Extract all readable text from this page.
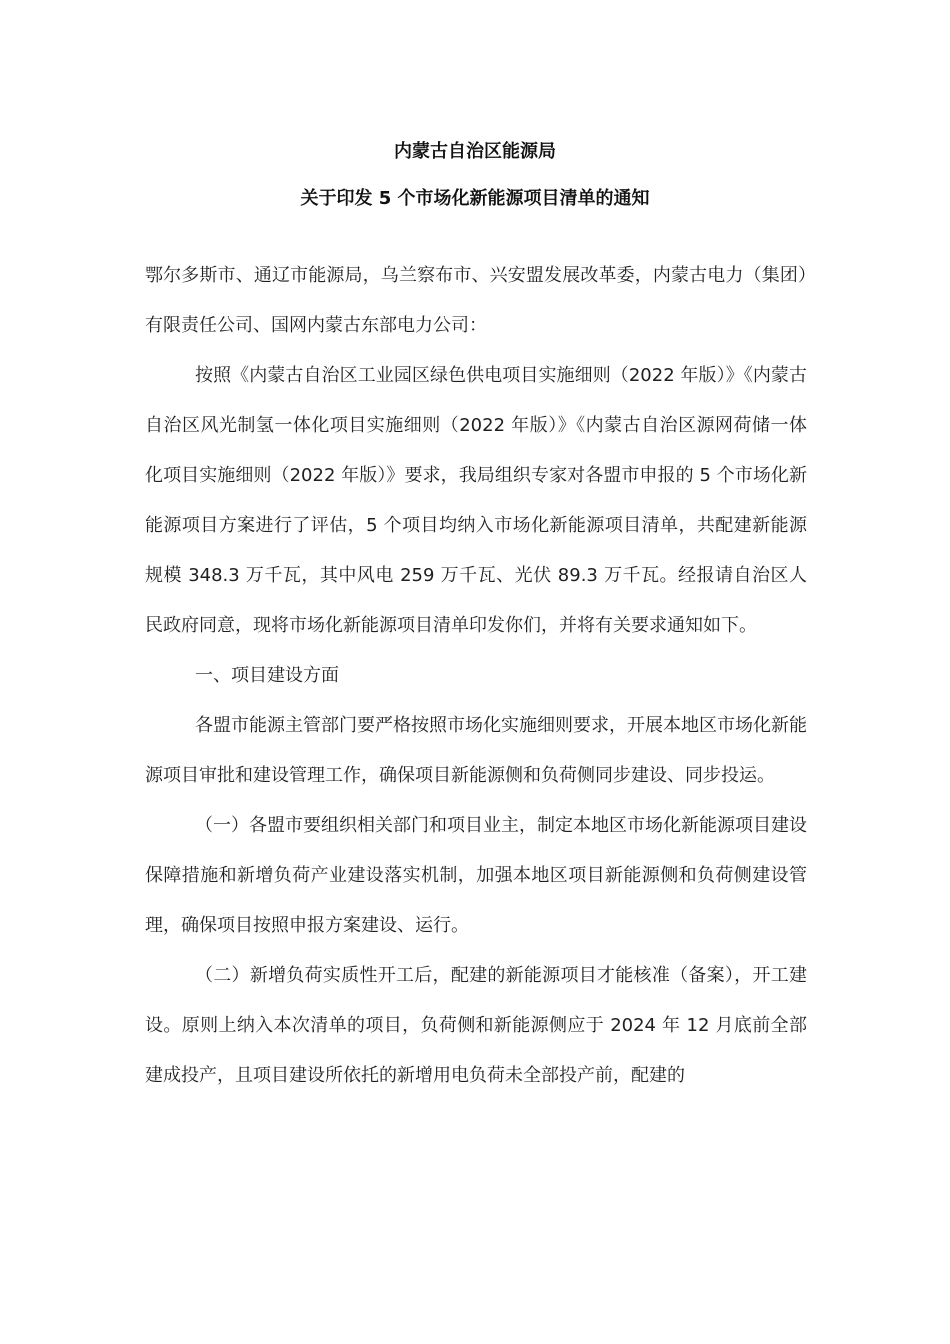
内蒙古自治区能源局
关于印发 5 个市场化新能源项目清单的通知

鄂尔多斯市、通辽市能源局，乌兰察布市、兴安盟发展改革委，内蒙古电力（集团）有限责任公司、国网内蒙古东部电力公司：

按照《内蒙古自治区工业园区绿色供电项目实施细则（2022 年版）》《内蒙古自治区风光制氢一体化项目实施细则（2022 年版）》《内蒙古自治区源网荷储一体化项目实施细则（2022 年版）》要求，我局组织专家对各盟市申报的 5 个市场化新能源项目方案进行了评估，5 个项目均纳入市场化新能源项目清单，共配建新能源规模 348.3 万千瓦，其中风电 259 万千瓦、光伏 89.3 万千瓦。经报请自治区人民政府同意，现将市场化新能源项目清单印发你们，并将有关要求通知如下。

一、项目建设方面

各盟市能源主管部门要严格按照市场化实施细则要求，开展本地区市场化新能源项目审批和建设管理工作，确保项目新能源侧和负荷侧同步建设、同步投运。

（一）各盟市要组织相关部门和项目业主，制定本地区市场化新能源项目建设保障措施和新增负荷产业建设落实机制，加强本地区项目新能源侧和负荷侧建设管理，确保项目按照申报方案建设、运行。

（二）新增负荷实质性开工后，配建的新能源项目才能核准（备案），开工建设。原则上纳入本次清单的项目，负荷侧和新能源侧应于 2024 年 12 月底前全部建成投产，且项目建设所依托的新增用电负荷未全部投产前，配建的
